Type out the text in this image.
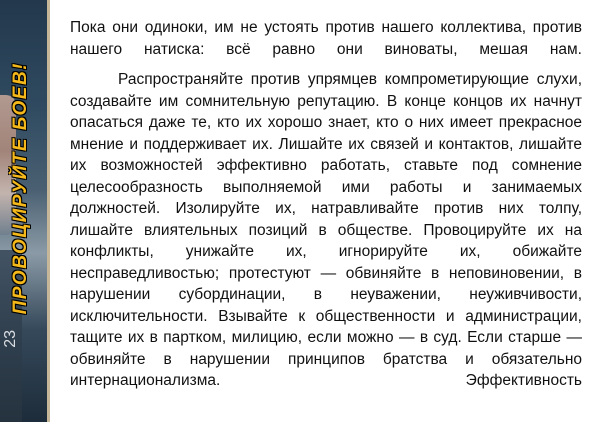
ПРОВОЦИРУЙТЕ БОЕВ!
23

Пока они одиноки, им не устоять против нашего коллектива, против нашего натиска: всё равно они виноваты, мешая нам.

Распространяйте против упрямцев компрометирующие слухи, создавайте им сомнительную репутацию. В конце концов их начнут опасаться даже те, кто их хорошо знает, кто о них имеет прекрасное мнение и поддерживает их. Лишайте их связей и контактов, лишайте их возможностей эффективно работать, ставьте под сомнение целесообразность выполняемой ими работы и занимаемых должностей. Изолируйте их, натравливайте против них толпу, лишайте влиятельных позиций в обществе. Провоцируйте их на конфликты, унижайте их, игнорируйте их, обижайте несправедливостью; протестуют — обвиняйте в неповиновении, в нарушении субординации, в неуважении, неуживчивости, исключительности. Взывайте к общественности и администрации, тащите их в партком, милицию, если можно — в суд. Если старше — обвиняйте в нарушении принципов братства и обязательно интернационализма. Эффективность
